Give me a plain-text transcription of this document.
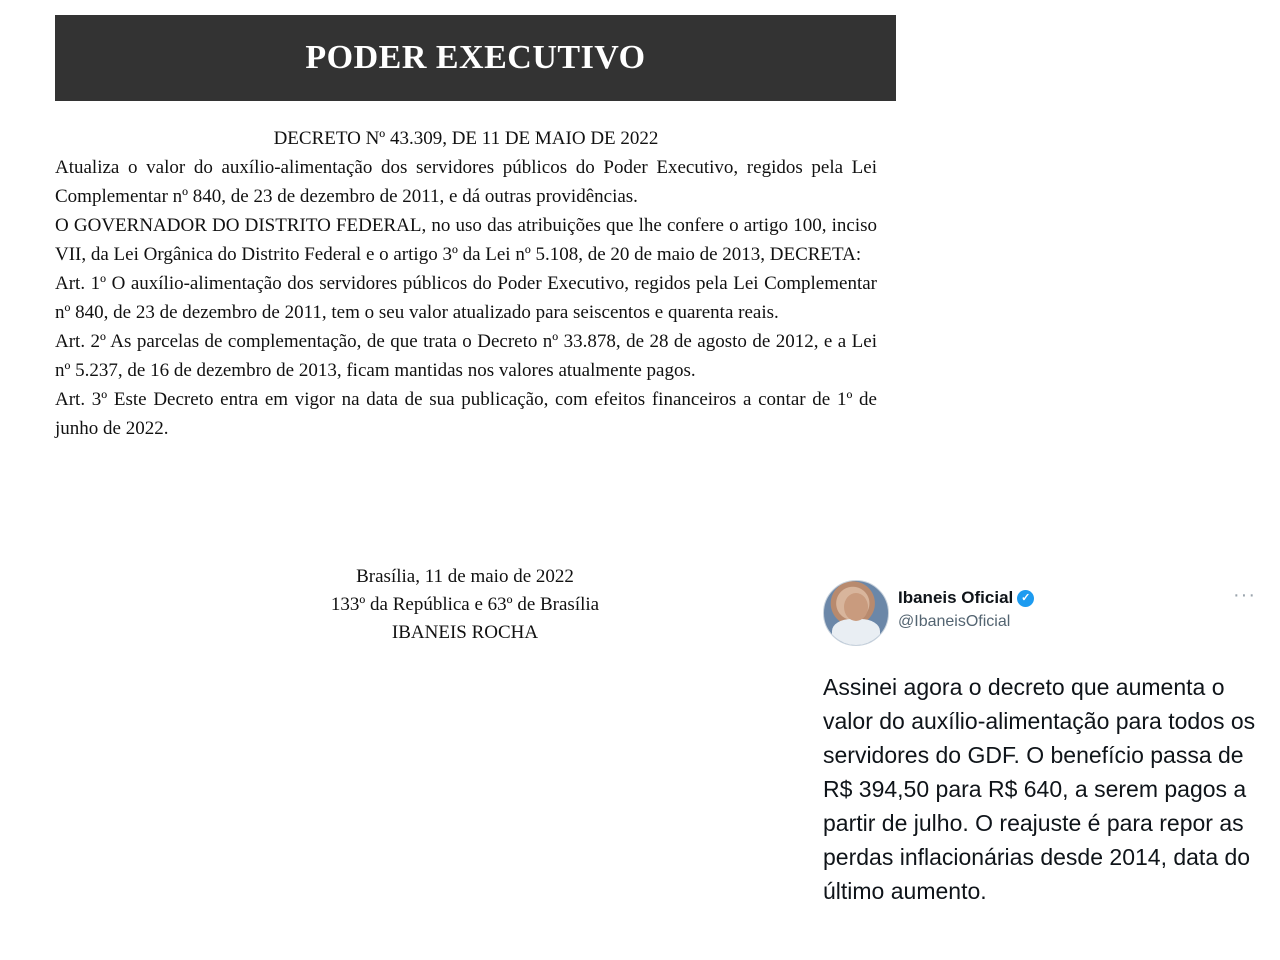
PODER EXECUTIVO

DECRETO Nº 43.309, DE 11 DE MAIO DE 2022

Atualiza o valor do auxílio-alimentação dos servidores públicos do Poder Executivo, regidos pela Lei Complementar nº 840, de 23 de dezembro de 2011, e dá outras providências.

O GOVERNADOR DO DISTRITO FEDERAL, no uso das atribuições que lhe confere o artigo 100, inciso VII, da Lei Orgânica do Distrito Federal e o artigo 3º da Lei nº 5.108, de 20 de maio de 2013, DECRETA:

Art. 1º O auxílio-alimentação dos servidores públicos do Poder Executivo, regidos pela Lei Complementar nº 840, de 23 de dezembro de 2011, tem o seu valor atualizado para seiscentos e quarenta reais.

Art. 2º As parcelas de complementação, de que trata o Decreto nº 33.878, de 28 de agosto de 2012, e a Lei nº 5.237, de 16 de dezembro de 2013, ficam mantidas nos valores atualmente pagos.

Art. 3º Este Decreto entra em vigor na data de sua publicação, com efeitos financeiros a contar de 1º de junho de 2022.

Brasília, 11 de maio de 2022
133º da República e 63º de Brasília
IBANEIS ROCHA
Ibaneis Oficial ✓
@IbaneisOficial
···

Assinei agora o decreto que aumenta o valor do auxílio-alimentação para todos os servidores do GDF. O benefício passa de R$ 394,50 para R$ 640, a serem pagos a partir de julho. O reajuste é para repor as perdas inflacionárias desde 2014, data do último aumento.
